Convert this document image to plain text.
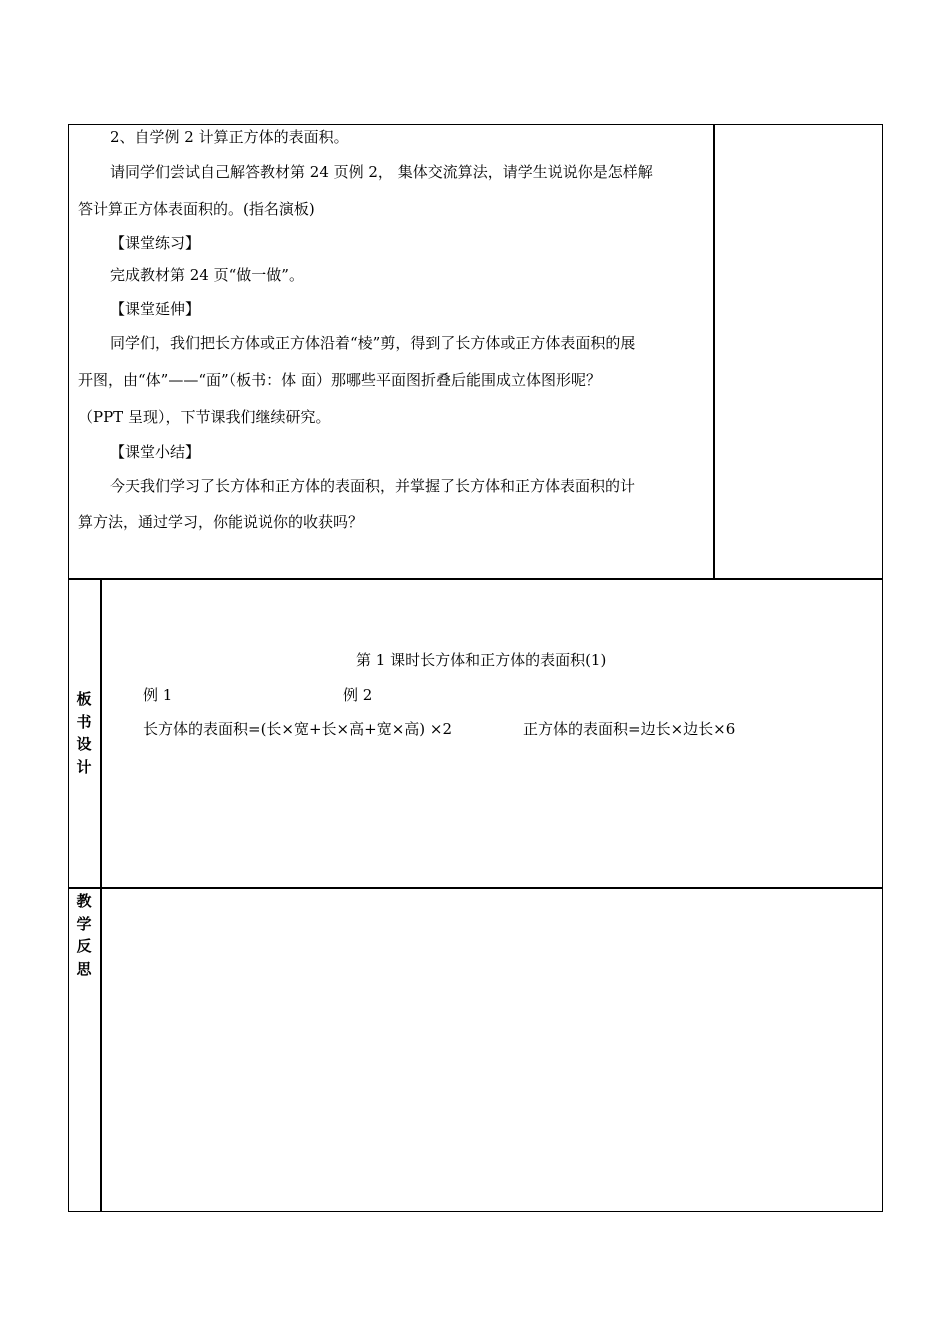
2、自学例 2 计算正方体的表面积。
请同学们尝试自己解答教材第 24 页例 2， 集体交流算法，请学生说说你是怎样解
答计算正方体表面积的。(指名演板)
【课堂练习】
完成教材第 24 页“做一做”。
【课堂延伸】
同学们，我们把长方体或正方体沿着“棱”剪，得到了长方体或正方体表面积的展
开图，由“体”——“面”（板书：体 面）那哪些平面图折叠后能围成立体图形呢？
（PPT 呈现），下节课我们继续研究。
【课堂小结】
今天我们学习了长方体和正方体的表面积，并掌握了长方体和正方体表面积的计
算方法，通过学习，你能说说你的收获吗？
板
书
设
计
第 1 课时长方体和正方体的表面积(1)
例 1	例 2
长方体的表面积=(长×宽+长×高+宽×高) ×2	正方体的表面积=边长×边长×6
教
学
反
思
